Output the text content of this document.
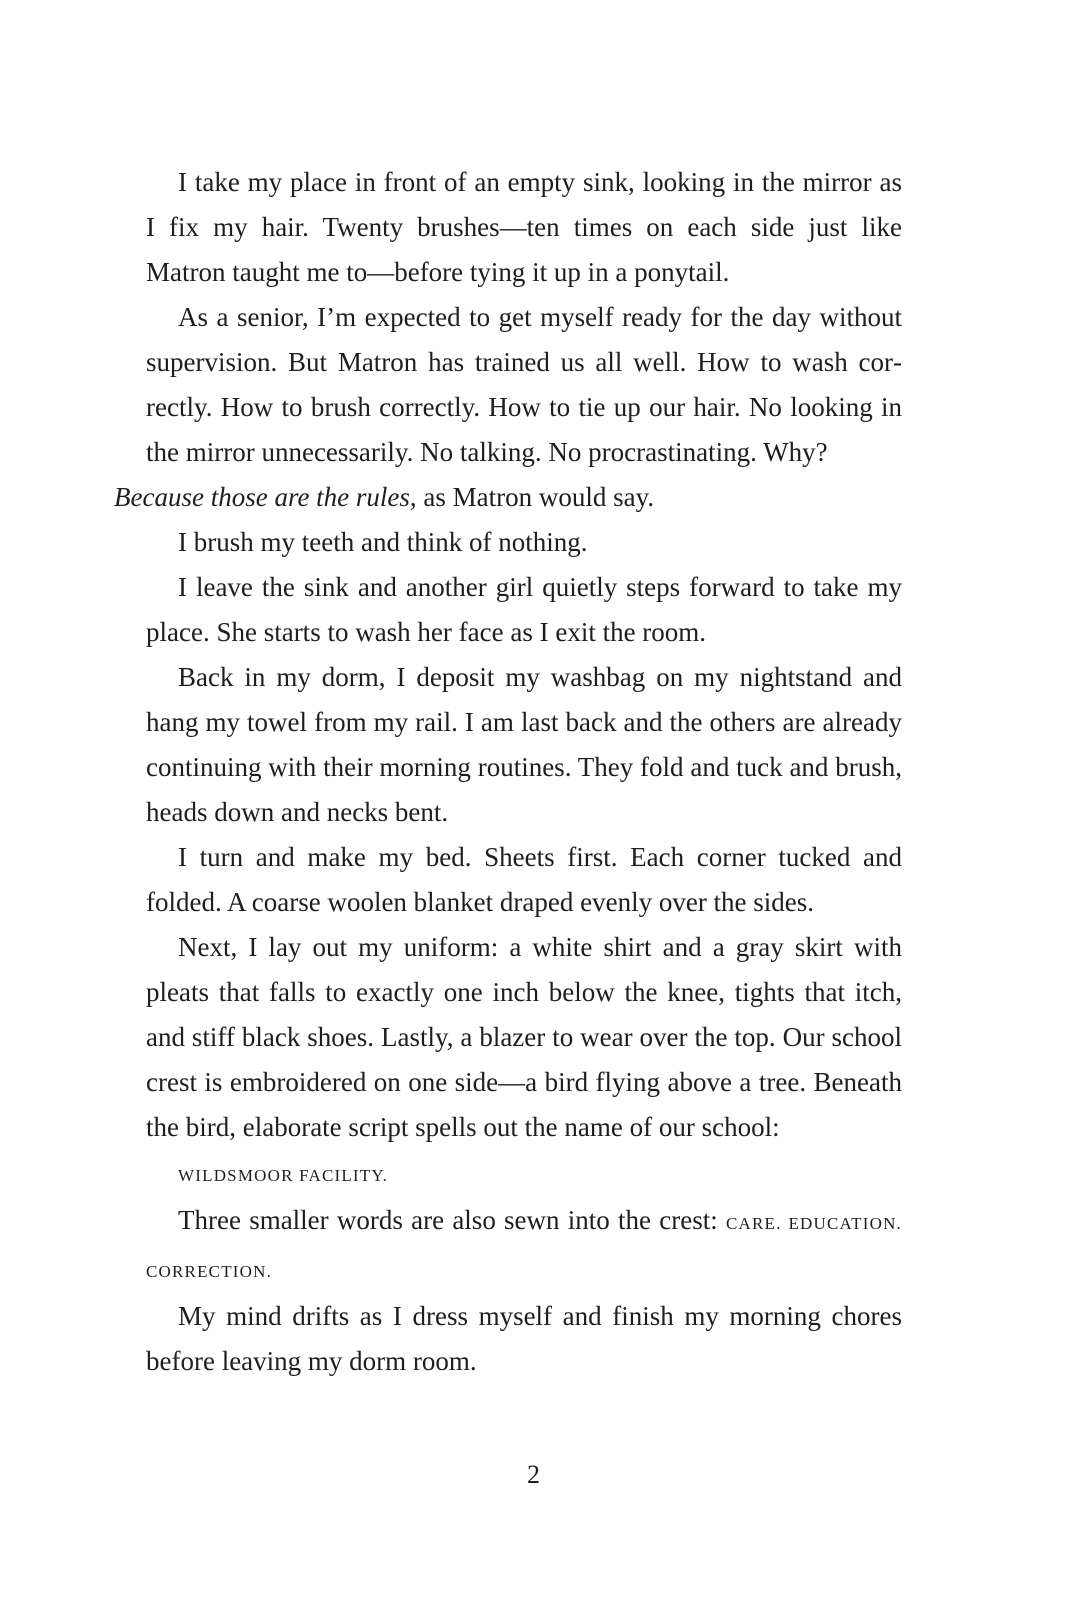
I take my place in front of an empty sink, looking in the mirror as I fix my hair. Twenty brushes—ten times on each side just like Matron taught me to—before tying it up in a ponytail.

As a senior, I’m expected to get myself ready for the day without supervision. But Matron has trained us all well. How to wash correctly. How to brush correctly. How to tie up our hair. No looking in the mirror unnecessarily. No talking. No procrastinating. Why?
Because those are the rules, as Matron would say.

I brush my teeth and think of nothing.

I leave the sink and another girl quietly steps forward to take my place. She starts to wash her face as I exit the room.

Back in my dorm, I deposit my washbag on my nightstand and hang my towel from my rail. I am last back and the others are already continuing with their morning routines. They fold and tuck and brush, heads down and necks bent.

I turn and make my bed. Sheets first. Each corner tucked and folded. A coarse woolen blanket draped evenly over the sides.

Next, I lay out my uniform: a white shirt and a gray skirt with pleats that falls to exactly one inch below the knee, tights that itch, and stiff black shoes. Lastly, a blazer to wear over the top. Our school crest is embroidered on one side—a bird flying above a tree. Beneath the bird, elaborate script spells out the name of our school:

WILDSMOOR FACILITY.

Three smaller words are also sewn into the crest: CARE. EDUCATION. CORRECTION.

My mind drifts as I dress myself and finish my morning chores before leaving my dorm room.

2
